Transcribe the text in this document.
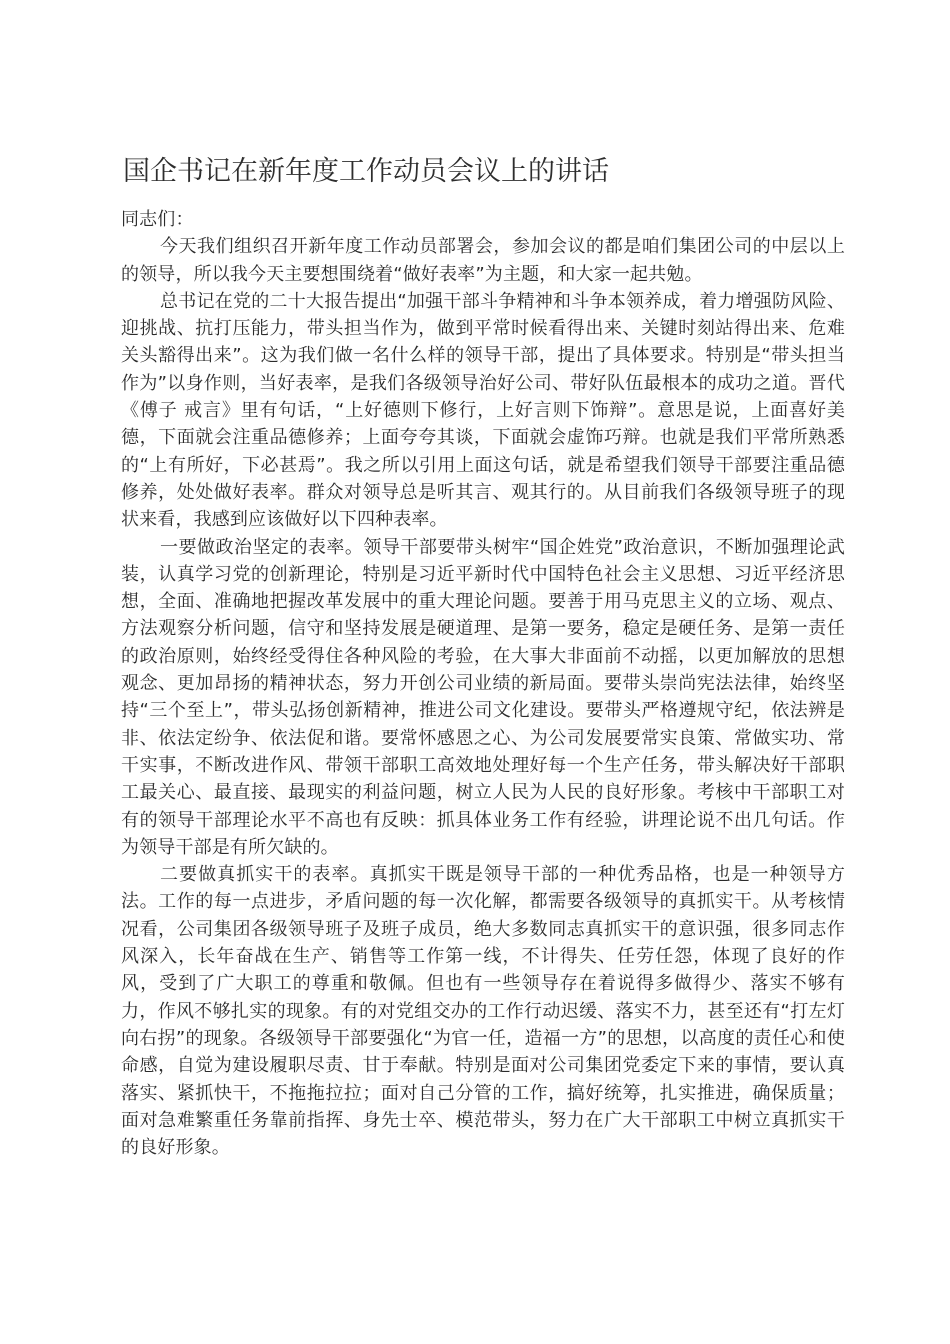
国企书记在新年度工作动员会议上的讲话

同志们：

今天我们组织召开新年度工作动员部署会，参加会议的都是咱们集团公司的中层以上的领导，所以我今天主要想围绕着“做好表率”为主题，和大家一起共勉。

总书记在党的二十大报告提出“加强干部斗争精神和斗争本领养成，着力增强防风险、迎挑战、抗打压能力，带头担当作为，做到平常时候看得出来、关键时刻站得出来、危难关头豁得出来”。这为我们做一名什么样的领导干部，提出了具体要求。特别是“带头担当作为”以身作则，当好表率，是我们各级领导治好公司、带好队伍最根本的成功之道。晋代《傅子 戒言》里有句话，“上好德则下修行，上好言则下饰辩”。意思是说，上面喜好美德，下面就会注重品德修养；上面夸夸其谈，下面就会虚饰巧辩。也就是我们平常所熟悉的“上有所好，下必甚焉”。我之所以引用上面这句话，就是希望我们领导干部要注重品德修养，处处做好表率。群众对领导总是听其言、观其行的。从目前我们各级领导班子的现状来看，我感到应该做好以下四种表率。

一要做政治坚定的表率。领导干部要带头树牢“国企姓党”政治意识，不断加强理论武装，认真学习党的创新理论，特别是习近平新时代中国特色社会主义思想、习近平经济思想，全面、准确地把握改革发展中的重大理论问题。要善于用马克思主义的立场、观点、方法观察分析问题，信守和坚持发展是硬道理、是第一要务，稳定是硬任务、是第一责任的政治原则，始终经受得住各种风险的考验，在大事大非面前不动摇，以更加解放的思想观念、更加昂扬的精神状态，努力开创公司业绩的新局面。要带头崇尚宪法法律，始终坚持“三个至上”，带头弘扬创新精神，推进公司文化建设。要带头严格遵规守纪，依法辨是非、依法定纷争、依法促和谐。要常怀感恩之心、为公司发展要常实良策、常做实功、常干实事，不断改进作风、带领干部职工高效地处理好每一个生产任务，带头解决好干部职工最关心、最直接、最现实的利益问题，树立人民为人民的良好形象。考核中干部职工对有的领导干部理论水平不高也有反映：抓具体业务工作有经验，讲理论说不出几句话。作为领导干部是有所欠缺的。

二要做真抓实干的表率。真抓实干既是领导干部的一种优秀品格，也是一种领导方法。工作的每一点进步，矛盾问题的每一次化解，都需要各级领导的真抓实干。从考核情况看，公司集团各级领导班子及班子成员，绝大多数同志真抓实干的意识强，很多同志作风深入，长年奋战在生产、销售等工作第一线，不计得失、任劳任怨，体现了良好的作风，受到了广大职工的尊重和敬佩。但也有一些领导存在着说得多做得少、落实不够有力，作风不够扎实的现象。有的对党组交办的工作行动迟缓、落实不力，甚至还有“打左灯向右拐”的现象。各级领导干部要强化“为官一任，造福一方”的思想，以高度的责任心和使命感，自觉为建设履职尽责、甘于奉献。特别是面对公司集团党委定下来的事情，要认真落实、紧抓快干，不拖拖拉拉；面对自己分管的工作，搞好统筹，扎实推进，确保质量；面对急难繁重任务靠前指挥、身先士卒、模范带头，努力在广大干部职工中树立真抓实干的良好形象。
